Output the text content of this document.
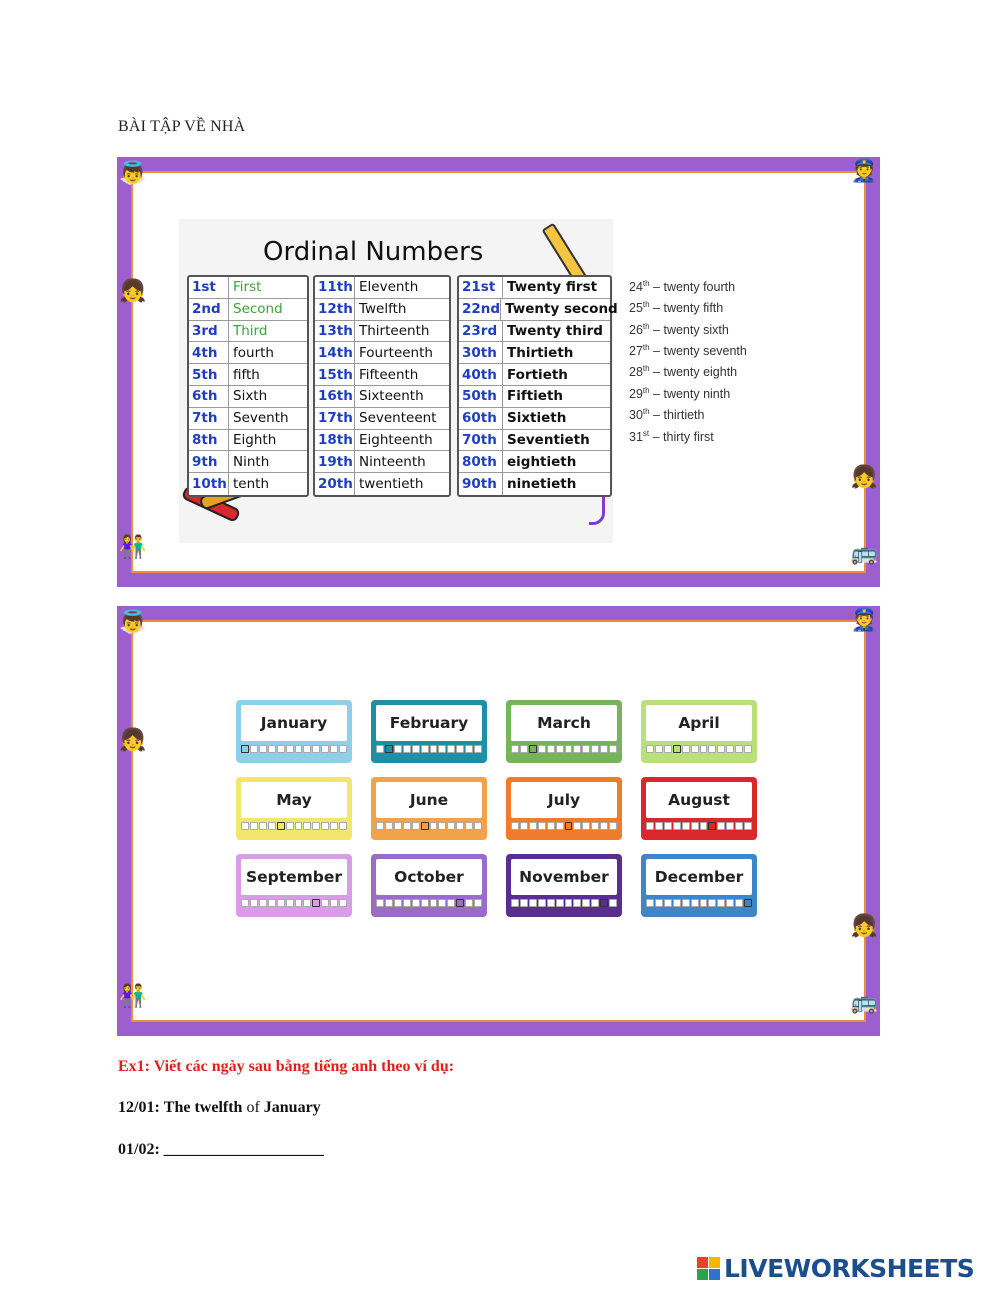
BÀI TẬP VỀ NHÀ
Ordinal Numbers
1st	First
2nd Second
3rd	Third
4th	fourth
5th	fifth
6th	Sixth
7th	Seventh
8th	Eighth
9th	Ninth
10th tenth
11th Eleventh
12th Twelfth
13th Thirteenth
14th Fourteenth
15th Fifteenth
16th Sixteenth
17th Seventeent
18th Eighteenth
19th Ninteenth
20th twentieth
21st Twenty first
22nd Twenty second
23rd Twenty third
30th Thirtieth
40th Fortieth
50th Fiftieth
60th Sixtieth
70th Seventieth
80th eightieth
90th ninetieth
24th – twenty fourth
25th – twenty fifth
26th – twenty sixth
27th – twenty seventh
28th – twenty eighth
29th – twenty ninth
30th – thirtieth
31st – thirty first
👼	👮
👧
👧
👫	🚌
January	February	March	April
May	June	July	August
September	October	November	December
👼	👮
👧
👧
👫	🚌
Ex1: Viết các ngày sau bằng tiếng anh theo ví dụ:
12/01: The twelfth of January
01/02: ____________________
LIVEWORKSHEETS
